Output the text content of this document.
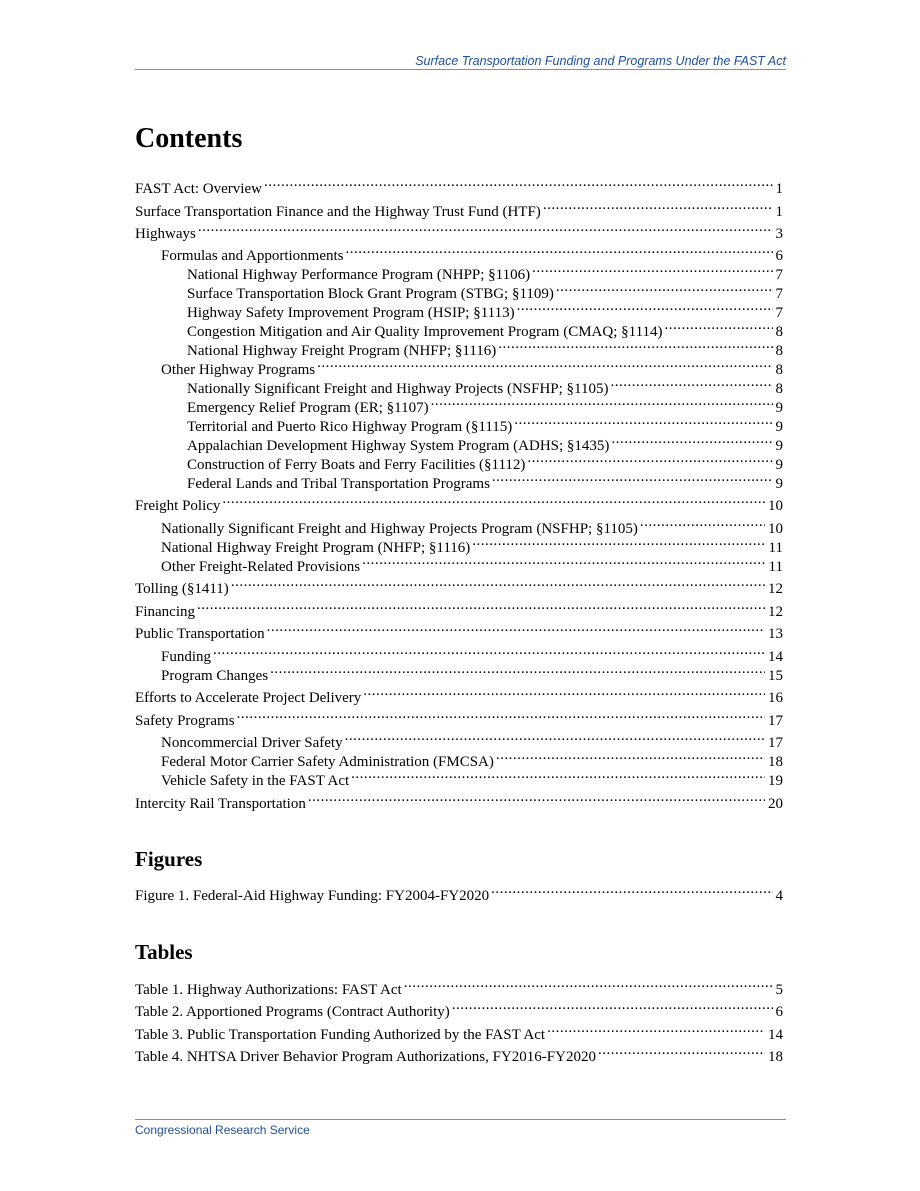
Surface Transportation Funding and Programs Under the FAST Act
Contents
FAST Act: Overview .....	1
Surface Transportation Finance and the Highway Trust Fund (HTF) .....	1
Highways .....	3
Formulas and Apportionments .....	6
National Highway Performance Program (NHPP; §1106) .....	7
Surface Transportation Block Grant Program (STBG; §1109) .....	7
Highway Safety Improvement Program (HSIP; §1113) .....	7
Congestion Mitigation and Air Quality Improvement Program (CMAQ; §1114) .....	8
National Highway Freight Program (NHFP; §1116) .....	8
Other Highway Programs .....	8
Nationally Significant Freight and Highway Projects (NSFHP; §1105) .....	8
Emergency Relief Program (ER; §1107) .....	9
Territorial and Puerto Rico Highway Program (§1115) .....	9
Appalachian Development Highway System Program (ADHS; §1435) .....	9
Construction of Ferry Boats and Ferry Facilities (§1112) .....	9
Federal Lands and Tribal Transportation Programs .....	9
Freight Policy .....	10
Nationally Significant Freight and Highway Projects Program (NSFHP; §1105) .....	10
National Highway Freight Program (NHFP; §1116) .....	11
Other Freight-Related Provisions .....	11
Tolling (§1411) .....	12
Financing .....	12
Public Transportation .....	13
Funding .....	14
Program Changes .....	15
Efforts to Accelerate Project Delivery .....	16
Safety Programs .....	17
Noncommercial Driver Safety .....	17
Federal Motor Carrier Safety Administration (FMCSA) .....	18
Vehicle Safety in the FAST Act .....	19
Intercity Rail Transportation .....	20
Figures
Figure 1. Federal-Aid Highway Funding: FY2004-FY2020 .....	4
Tables
Table 1. Highway Authorizations: FAST Act .....	5
Table 2. Apportioned Programs (Contract Authority) .....	6
Table 3. Public Transportation Funding Authorized by the FAST Act .....	14
Table 4. NHTSA Driver Behavior Program Authorizations, FY2016-FY2020 .....	18
Congressional Research Service
